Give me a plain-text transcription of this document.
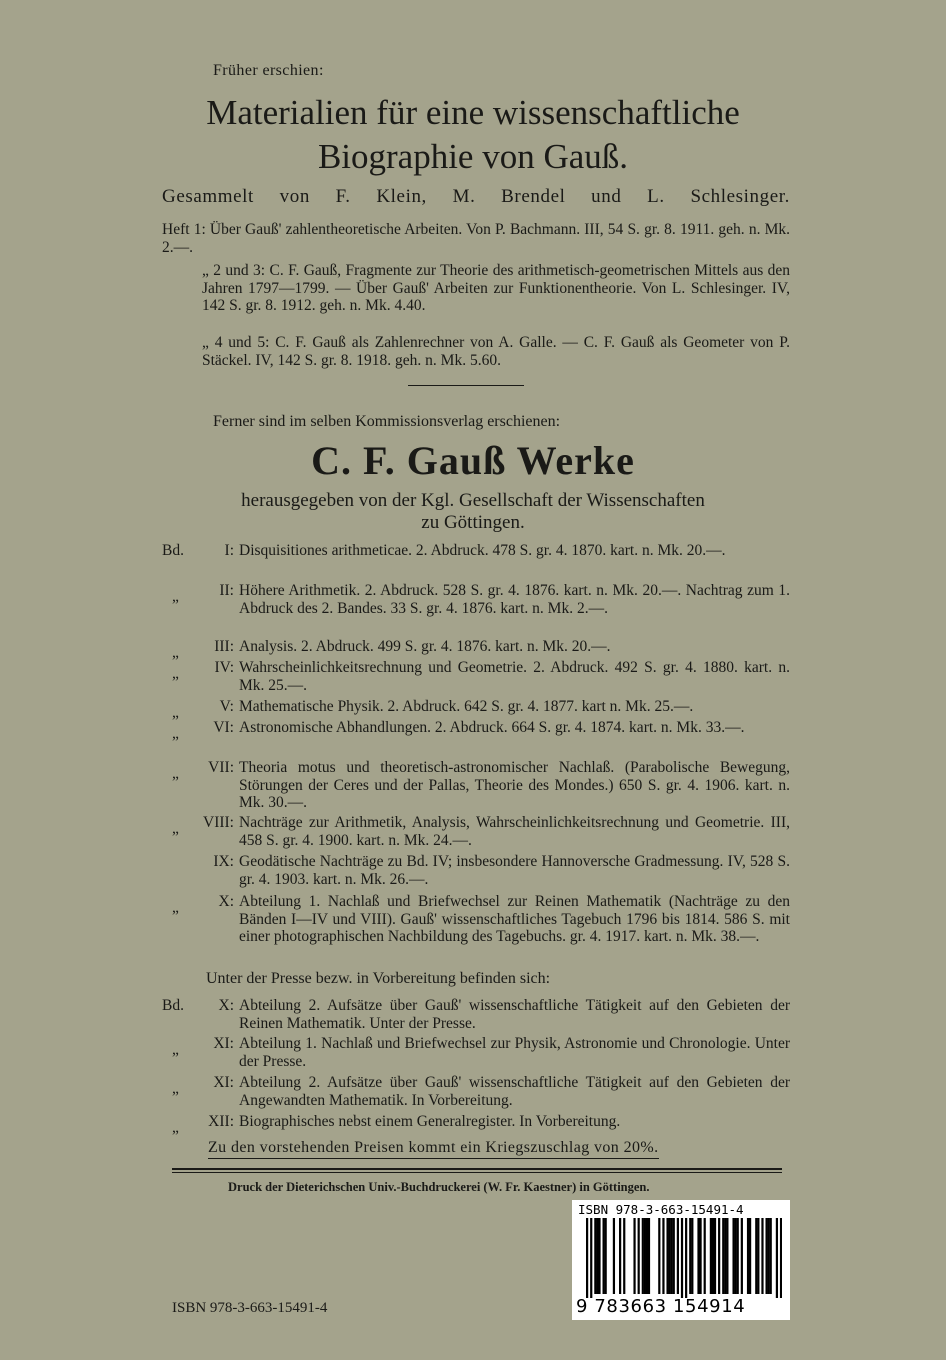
Früher erschien:
Materialien für eine wissenschaftliche
Biographie von Gauß.
Gesammelt von F. Klein, M. Brendel und L. Schlesinger.
Heft 1: Über Gauß' zahlentheoretische Arbeiten. Von P. Bachmann. III, 54 S. gr. 8. 1911. geh. n. Mk. 2.—.
„ 2 und 3: C. F. Gauß, Fragmente zur Theorie des arithmetisch-geometrischen Mittels aus den Jahren 1797—1799. — Über Gauß' Arbeiten zur Funktionentheorie. Von L. Schlesinger. IV, 142 S. gr. 8. 1912. geh. n. Mk. 4.40.
„ 4 und 5: C. F. Gauß als Zahlenrechner von A. Galle. — C. F. Gauß als Geometer von P. Stäckel. IV, 142 S. gr. 8. 1918. geh. n. Mk. 5.60.
Ferner sind im selben Kommissionsverlag erschienen:
C. F. Gauß Werke
herausgegeben von der Kgl. Gesellschaft der Wissenschaften
zu Göttingen.
Bd.	I: Disquisitiones arithmeticae. 2. Abdruck. 478 S. gr. 4. 1870. kart. n. Mk. 20.—.
„	II: Höhere Arithmetik. 2. Abdruck. 528 S. gr. 4. 1876. kart. n. Mk. 20.—. Nachtrag zum 1. Abdruck des 2. Bandes. 33 S. gr. 4. 1876. kart. n. Mk. 2.—.
„ III: Analysis. 2. Abdruck. 499 S. gr. 4. 1876. kart. n. Mk. 20.—.
„ IV: Wahrscheinlichkeitsrechnung und Geometrie. 2. Abdruck. 492 S. gr. 4. 1880. kart. n. Mk. 25.—.
„	V: Mathematische Physik. 2. Abdruck. 642 S. gr. 4. 1877. kart n. Mk. 25.—.
„ VI: Astronomische Abhandlungen. 2. Abdruck. 664 S. gr. 4. 1874. kart. n. Mk. 33.—.
„ VII: Theoria motus und theoretisch-astronomischer Nachlaß. (Parabolische Bewegung, Störungen der Ceres und der Pallas, Theorie des Mondes.) 650 S. gr. 4. 1906. kart. n. Mk. 30.—.
„ VIII: Nachträge zur Arithmetik, Analysis, Wahrscheinlichkeitsrechnung und Geometrie. III, 458 S. gr. 4. 1900. kart. n. Mk. 24.—.
IX: Geodätische Nachträge zu Bd. IV; insbesondere Hannoversche Gradmessung. IV, 528 S. gr. 4. 1903. kart. n. Mk. 26.—.
„	X: Abteilung 1. Nachlaß und Briefwechsel zur Reinen Mathematik (Nachträge zu den Bänden I—IV und VIII). Gauß' wissenschaftliches Tagebuch 1796 bis 1814. 586 S. mit einer photographischen Nachbildung des Tagebuchs. gr. 4. 1917. kart. n. Mk. 38.—.
Unter der Presse bezw. in Vorbereitung befinden sich:
Bd. X: Abteilung 2. Aufsätze über Gauß' wissenschaftliche Tätigkeit auf den Gebieten der Reinen Mathematik. Unter der Presse.
„ XI: Abteilung 1. Nachlaß und Briefwechsel zur Physik, Astronomie und Chronologie. Unter der Presse.
„ XI: Abteilung 2. Aufsätze über Gauß' wissenschaftliche Tätigkeit auf den Gebieten der Angewandten Mathematik. In Vorbereitung.
„ XII: Biographisches nebst einem Generalregister. In Vorbereitung.
Zu den vorstehenden Preisen kommt ein Kriegszuschlag von 20%.
Druck der Dieterichschen Univ.-Buchdruckerei (W. Fr. Kaestner) in Göttingen.
ISBN 978-3-663-15491-4
9 783663 154914
ISBN 978-3-663-15491-4
